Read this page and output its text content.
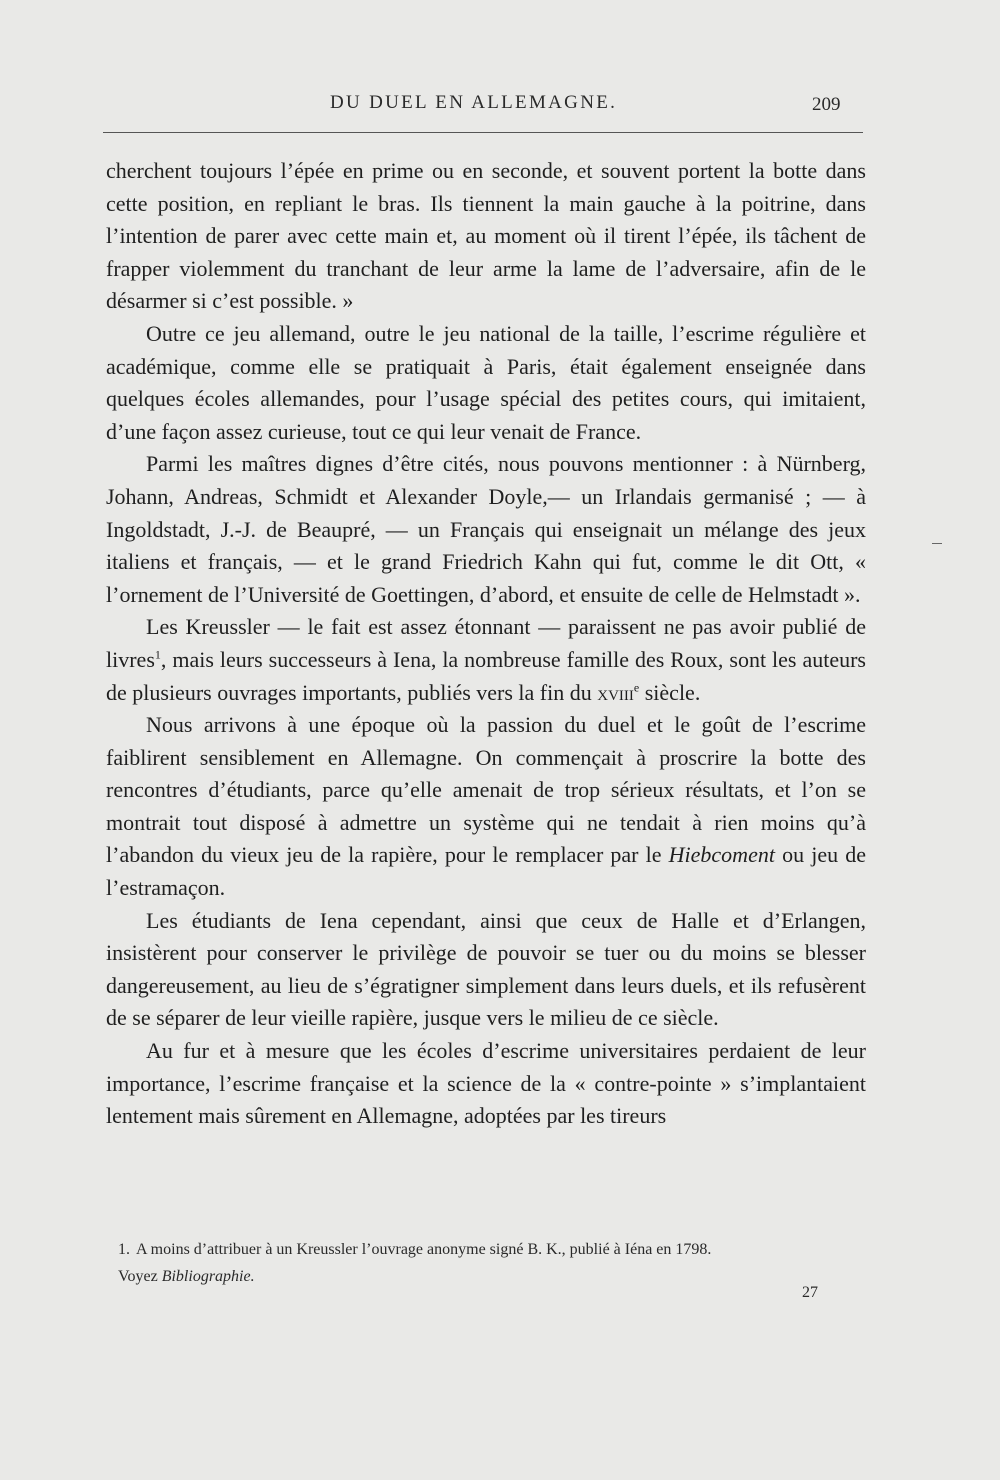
DU DUEL EN ALLEMAGNE.	209

cherchent toujours l’épée en prime ou en seconde, et souvent portent la botte dans cette position, en repliant le bras. Ils tiennent la main gauche à la poitrine, dans l’intention de parer avec cette main et, au moment où il tirent l’épée, ils tâchent de frapper violemment du tranchant de leur arme la lame de l’adversaire, afin de le désarmer si c’est possible. »

Outre ce jeu allemand, outre le jeu national de la taille, l’escrime régulière et académique, comme elle se pratiquait à Paris, était également enseignée dans quelques écoles allemandes, pour l’usage spécial des petites cours, qui imitaient, d’une façon assez curieuse, tout ce qui leur venait de France.

Parmi les maîtres dignes d’être cités, nous pouvons mentionner : à Nürnberg, Johann, Andreas, Schmidt et Alexander Doyle,— un Irlandais germanisé ; — à Ingoldstadt, J.-J. de Beaupré, — un Français qui enseignait un mélange des jeux italiens et français, — et le grand Friedrich Kahn qui fut, comme le dit Ott, « l’ornement de l’Université de Goettingen, d’abord, et ensuite de celle de Helmstadt ».

Les Kreussler — le fait est assez étonnant — paraissent ne pas avoir publié de livres$^1$, mais leurs successeurs à Iena, la nombreuse famille des Roux, sont les auteurs de plusieurs ouvrages importants, publiés vers la fin du xviii$^e$ siècle.

Nous arrivons à une époque où la passion du duel et le goût de l’escrime faiblirent sensiblement en Allemagne. On commençait à proscrire la botte des rencontres d’étudiants, parce qu’elle amenait de trop sérieux résultats, et l’on se montrait tout disposé à admettre un système qui ne tendait à rien moins qu’à l’abandon du vieux jeu de la rapière, pour le remplacer par le Hiebcoment ou jeu de l’estramaçon.

Les étudiants de Iena cependant, ainsi que ceux de Halle et d’Erlangen, insistèrent pour conserver le privilège de pouvoir se tuer ou du moins se blesser dangereusement, au lieu de s’égratigner simplement dans leurs duels, et ils refusèrent de se séparer de leur vieille rapière, jusque vers le milieu de ce siècle.

Au fur et à mesure que les écoles d’escrime universitaires perdaient de leur importance, l’escrime française et la science de la « contre-pointe » s’implantaient lentement mais sûrement en Allemagne, adoptées par les tireurs

1. A moins d’attribuer à un Kreussler l’ouvrage anonyme signé B. K., publié à Iéna en 1798.
Voyez Bibliographie.
27
